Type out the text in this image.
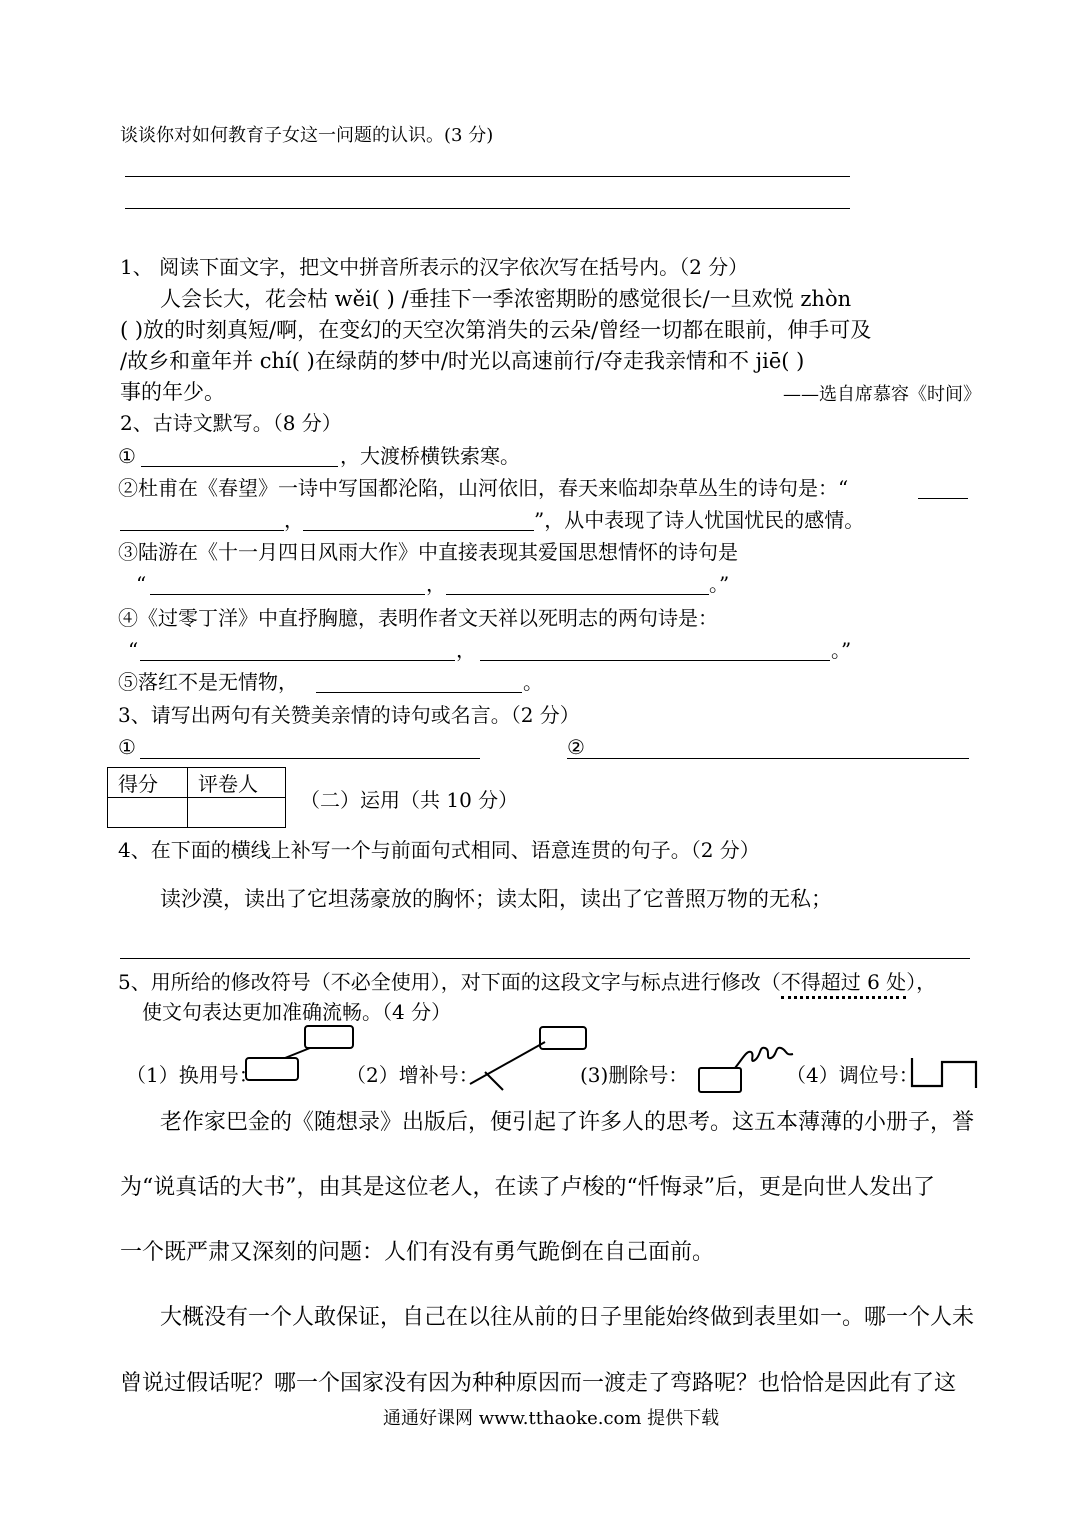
谈谈你对如何教育子女这一问题的认识。(3 分)
1、 阅读下面文字，把文中拼音所表示的汉字依次写在括号内。（2 分）
人会长大，花会枯 wěi( ) /垂挂下一季浓密期盼的感觉很长/一旦欢悦 zhòn
( )放的时刻真短/啊，在变幻的天空次第消失的云朵/曾经一切都在眼前，伸手可及
/故乡和童年并 chí( )在绿荫的梦中/时光以高速前行/夺走我亲情和不 jiē( )
事的年少。	——选自席慕容《时间》
2、古诗文默写。（8 分）
①	，大渡桥横铁索寒。
②杜甫在《春望》一诗中写国都沦陷，山河依旧，春天来临却杂草丛生的诗句是：“
，	”，从中表现了诗人忧国忧民的感情。
③陆游在《十一月四日风雨大作》中直接表现其爱国思想情怀的诗句是
“	，	。”
④《过零丁洋》中直抒胸臆，表明作者文天祥以死明志的两句诗是：
“	，	。”
⑤落红不是无情物，	。
3、请写出两句有关赞美亲情的诗句或名言。（2 分）
①	②
得分	评卷人

（二）运用（共 10 分）
4、在下面的横线上补写一个与前面句式相同、语意连贯的句子。（2 分）
读沙漠，读出了它坦荡豪放的胸怀；读太阳，读出了它普照万物的无私；
5、用所给的修改符号（不必全使用），对下面的这段文字与标点进行修改（不得超过 6 处），
使文句表达更加准确流畅。（4 分）
（1）换用号：	（2）增补号：	(3)删除号：	（4）调位号：
老作家巴金的《随想录》出版后，便引起了许多人的思考。这五本薄薄的小册子，誉
为“说真话的大书”，由其是这位老人，在读了卢梭的“忏悔录”后，更是向世人发出了
一个既严肃又深刻的问题：人们有没有勇气跪倒在自己面前。
大概没有一个人敢保证，自己在以往从前的日子里能始终做到表里如一。哪一个人未
曾说过假话呢？哪一个国家没有因为种种原因而一渡走了弯路呢？也恰恰是因此有了这
通通好课网 www.tthaoke.com 提供下载
